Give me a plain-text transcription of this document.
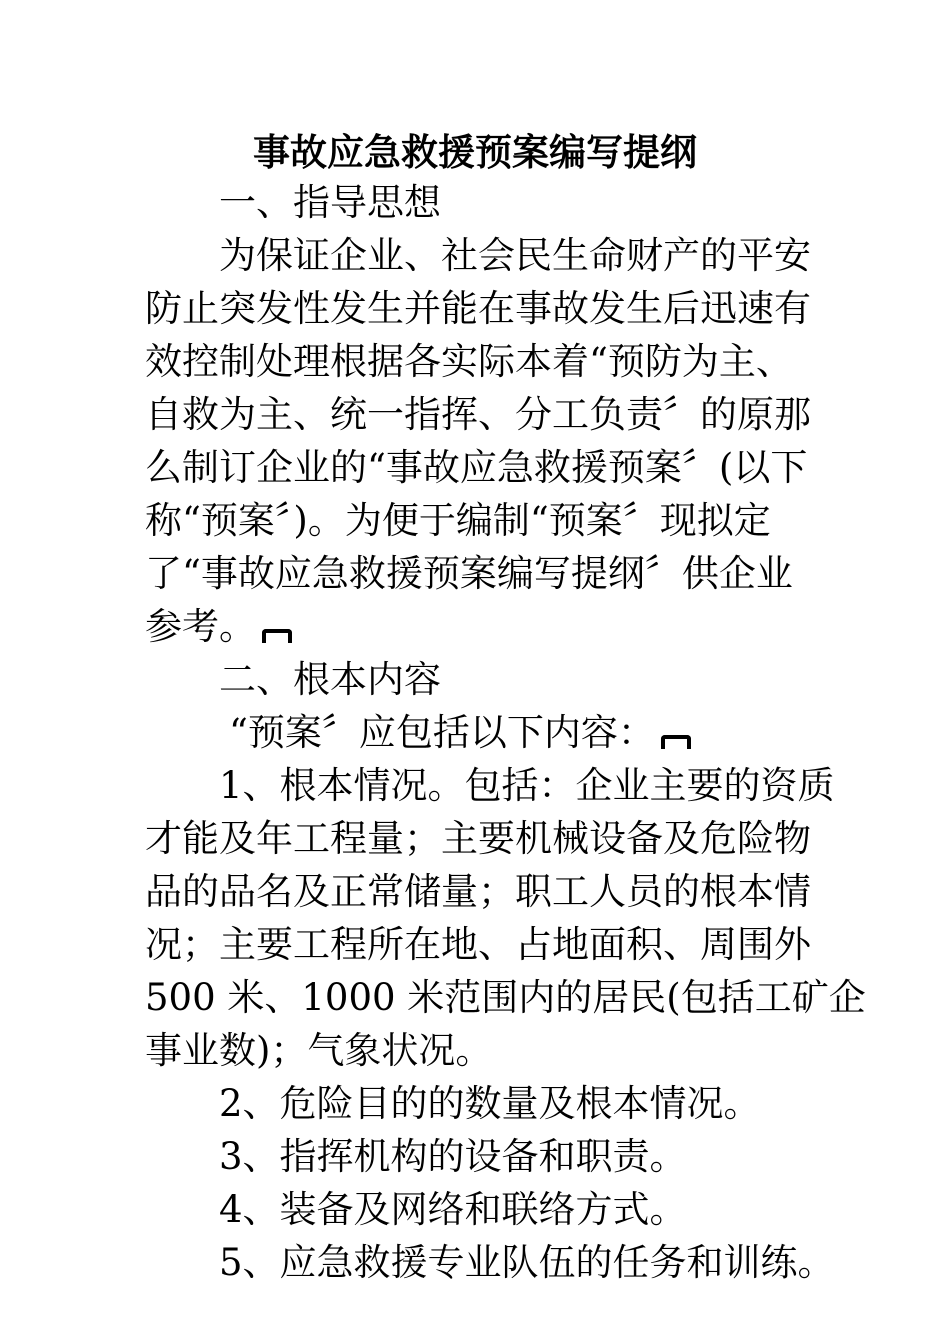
事故应急救援预案编写提纲
一、指导思想
为保证企业、社会民生命财产的平安
防止突发性发生并能在事故发生后迅速有
效控制处理根据各实际本着“预防为主、
自救为主、统一指挥、分工负责〞的原那
么制订企业的“事故应急救援预案〞(以下
称“预案〞)。为便于编制“预案〞现拟定
了“事故应急救援预案编写提纲〞供企业
参考。
二、根本内容
“预案〞应包括以下内容：
1、根本情况。包括：企业主要的资质
才能及年工程量；主要机械设备及危险物
品的品名及正常储量；职工人员的根本情
况；主要工程所在地、占地面积、周围外
500 米、1000 米范围内的居民(包括工矿企
事业数)；气象状况。
2、危险目的的数量及根本情况。
3、指挥机构的设备和职责。
4、装备及网络和联络方式。
5、应急救援专业队伍的任务和训练。
